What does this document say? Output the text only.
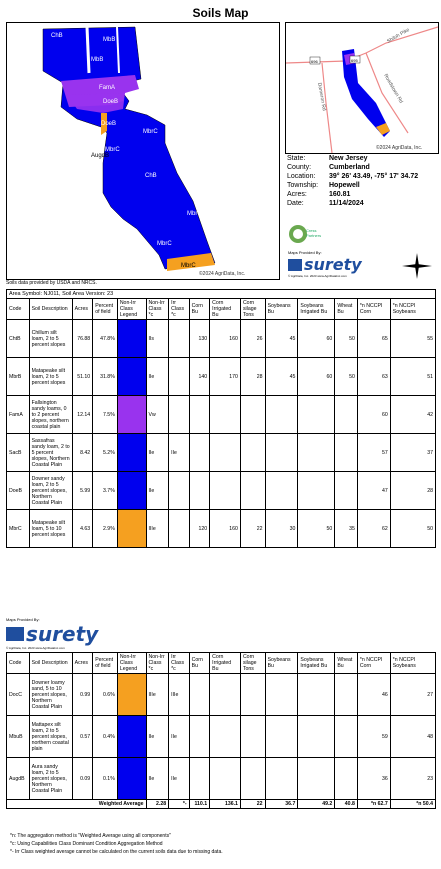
Soils Map
ChB
MbB
MbB
FamA
DoeB
DoeB
MbrC
MbrC
AugdB
ChB
MbrC
MbrC
MbrC
©2024 AgriData, Inc.
Soils data provided by USDA and NRCS.
696	695
Shiloh Pike
Dameron Rd	Roadstown Rd
©2024 AgriData, Inc.
State:	New Jersey
County:	Cumberland
Location:	39° 26' 43.49, -75° 17' 34.72
Township:	Hopewell
Acres:	160.81
Date:	11/14/2024
Cress Partners
Maps Provided By:
surety
© AgriData, Inc. 2023 www.AgriDataInc.com
Area Symbol: NJ011, Soil Area Version: 23
Code	Soil Description	Acres	Percent of field	Non-Irr Class Legend	Non-Irr Class *c	Irr Class *c	Corn Bu	Corn Irrigated Bu	Corn silage Tons	Soybeans Bu	Soybeans Irrigated Bu	Wheat Bu	*n NCCPI Corn	*n NCCPI Soybeans
ChtB	Chillum silt loam, 2 to 5 percent slopes	76.88	47.8%		IIs		130	160	26	45	60	50	65	55
MbrB	Matapeake silt loam, 2 to 5 percent slopes	51.10	31.8%		IIe		140	170	28	45	60	50	63	51
FamA	Fallsington sandy loams, 0 to 2 percent slopes, northern coastal plain	12.14	7.5%		Vw								60	42
SacB	Sassafras sandy loam, 2 to 5 percent slopes, Northern Coastal Plain	8.42	5.2%		IIe	IIe							57	37
DoeB	Downer sandy loam, 2 to 5 percent slopes, Northern Coastal Plain	5.99	3.7%		IIe								47	28
MbrC	Matapeake silt loam, 5 to 10 percent slopes	4.63	2.9%		IIIe		120	160	22	30	50	35	62	50
Maps Provided By:
surety
© AgriData, Inc. 2023 www.AgriDataInc.com
Code	Soil Description	Acres	Percent of field	Non-Irr Class Legend	Non-Irr Class *c	Irr Class *c	Corn Bu	Corn Irrigated Bu	Corn silage Tons	Soybeans Bu	Soybeans Irrigated Bu	Wheat Bu	*n NCCPI Corn	*n NCCPI Soybeans
DocC	Downer loamy sand, 5 to 10 percent slopes, Northern Coastal Plain	0.99	0.6%		IIIe	IIIe							46	27
MbuB	Mattapex silt loam, 2 to 5 percent slopes, northern coastal plain	0.57	0.4%		IIe	IIe							59	48
AugdB	Aura sandy loam, 2 to 5 percent slopes, Northern Coastal Plain	0.09	0.1%		IIe	IIe							36	23
Weighted Average					2.28	*-	110.1	136.1	22	36.7	49.2	40.8	*n 62.7	*n 50.4
*n: The aggregation method is "Weighted Average using all components"
*c: Using Capabilities Class Dominant Condition Aggregation Method
*- Irr Class weighted average cannot be calculated on the current soils data due to missing data.
